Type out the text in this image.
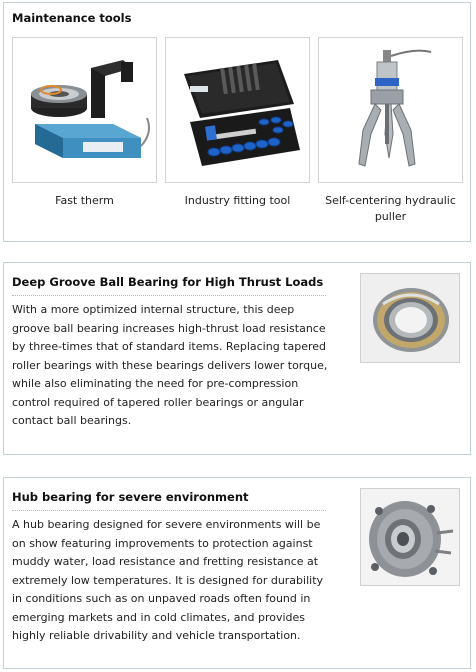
Maintenance tools
Fast therm	Industry fitting tool	Self-centering hydraulic puller
Deep Groove Ball Bearing for High Thrust Loads
With a more optimized internal structure, this deep groove ball bearing increases high-thrust load resistance by three-times that of standard items. Replacing tapered roller bearings with these bearings delivers lower torque, while also eliminating the need for pre-compression control required of tapered roller bearings or angular contact ball bearings.
Hub bearing for severe environment
A hub bearing designed for severe environments will be on show featuring improvements to protection against muddy water, load resistance and fretting resistance at extremely low temperatures. It is designed for durability in conditions such as on unpaved roads often found in emerging markets and in cold climates, and provides highly reliable drivability and vehicle transportation.
